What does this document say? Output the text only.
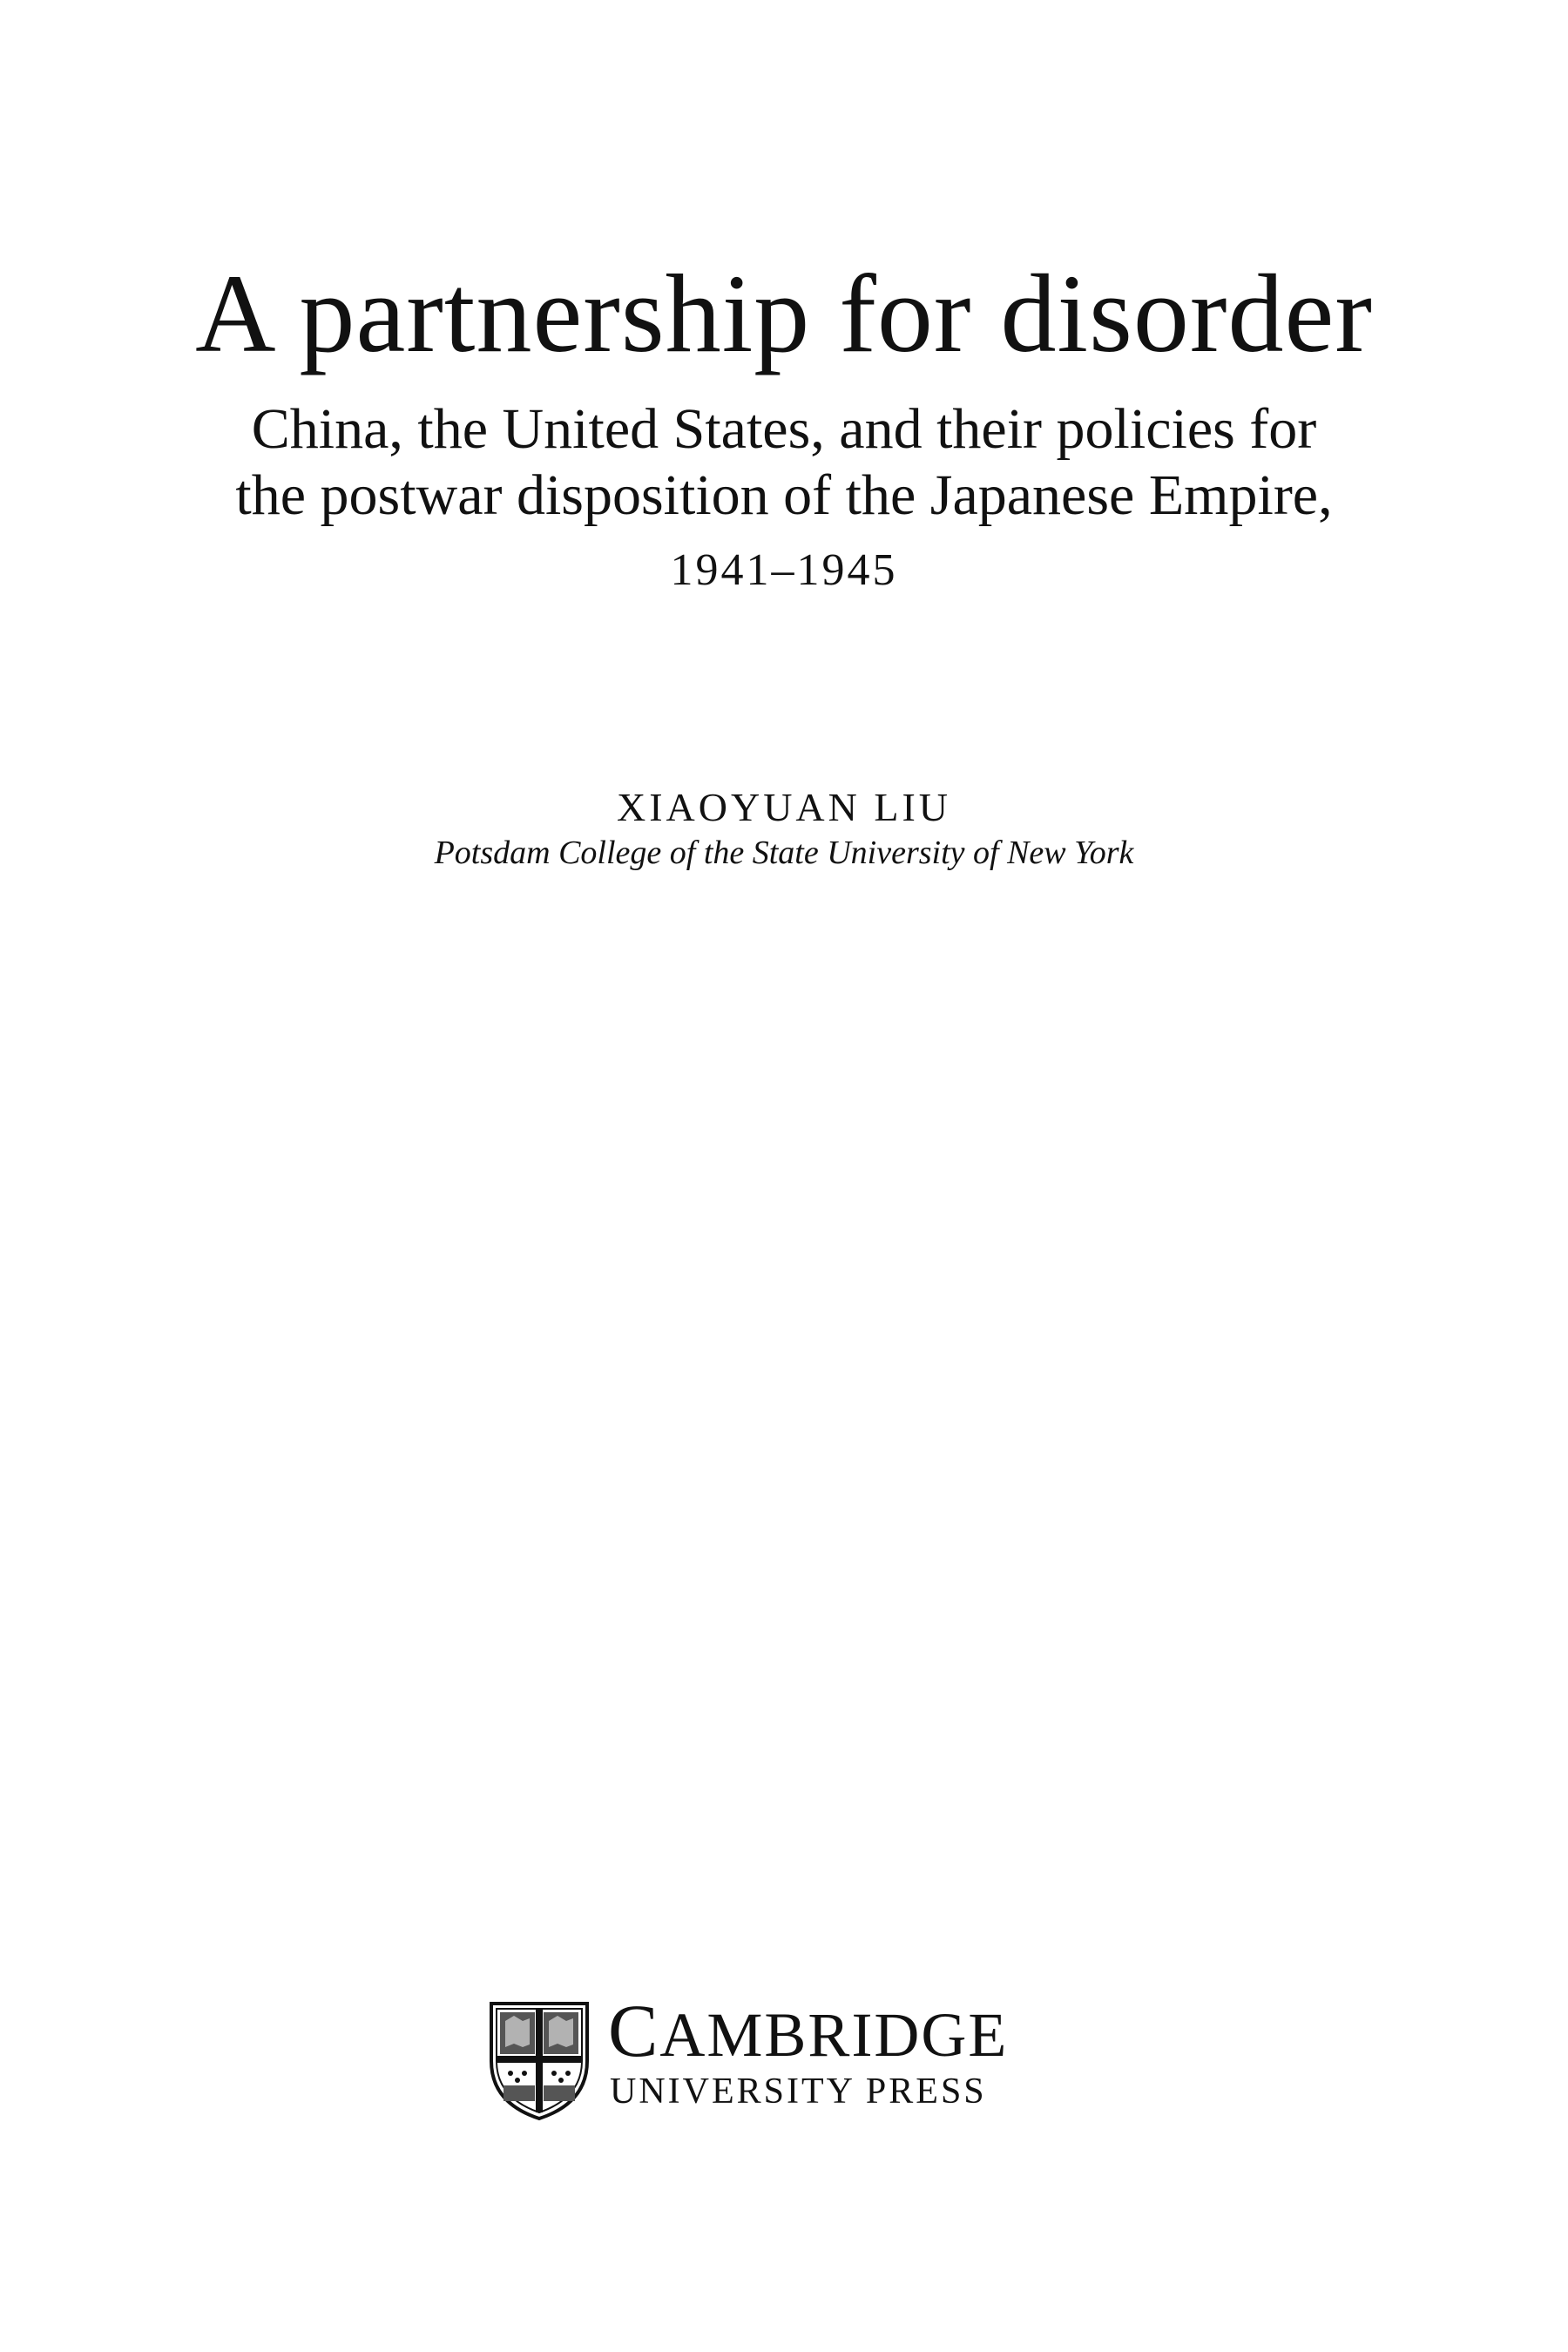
A partnership for disorder
China, the United States, and their policies for
the postwar disposition of the Japanese Empire,
1941–1945
XIAOYUAN LIU
Potsdam College of the State University of New York
CAMBRIDGE
UNIVERSITY PRESS
